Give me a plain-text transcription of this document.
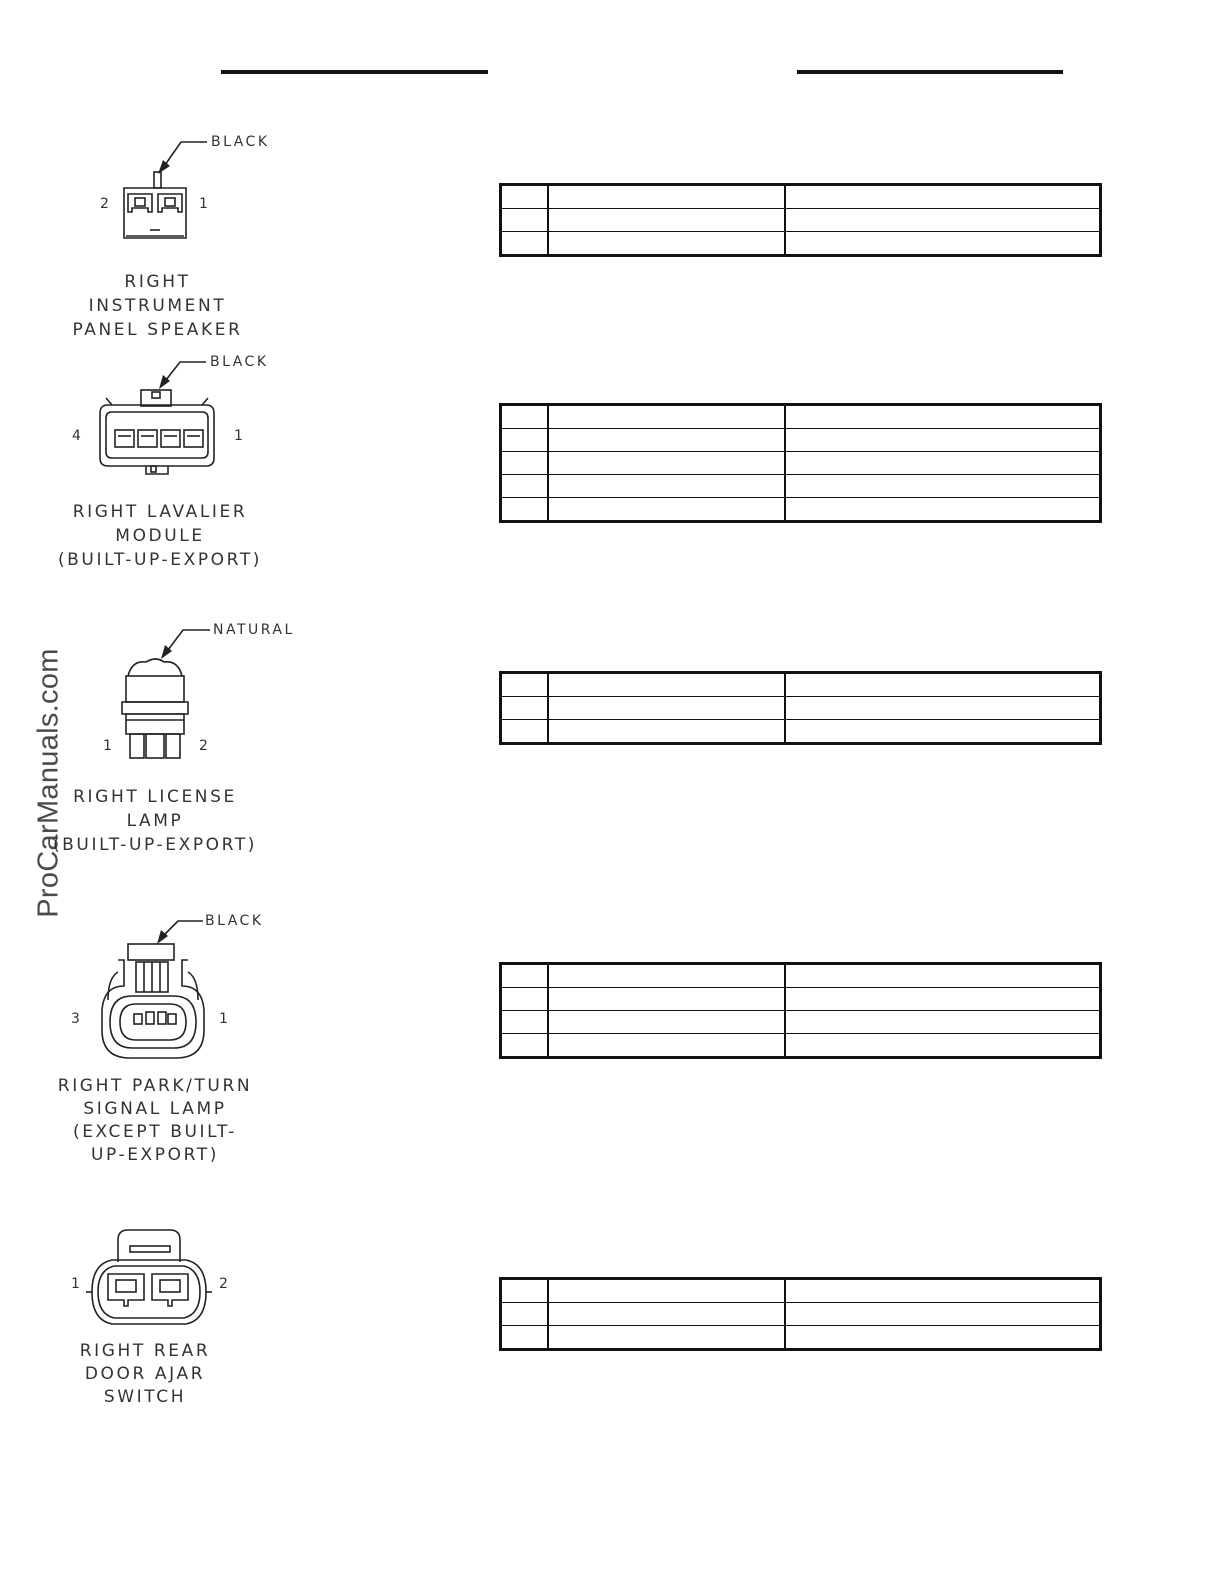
ProCarManuals.com
BLACK
2	1
RIGHT INSTRUMENT
PANEL SPEAKER

BLACK
4	1
RIGHT LAVALIER
MODULE
(BUILT-UP-EXPORT)

NATURAL
1	2
RIGHT LICENSE
LAMP
(BUILT-UP-EXPORT)

BLACK
3	1
RIGHT PARK/TURN
SIGNAL LAMP
(EXCEPT BUILT-
UP-EXPORT)

1	2
RIGHT REAR
DOOR AJAR
SWITCH
